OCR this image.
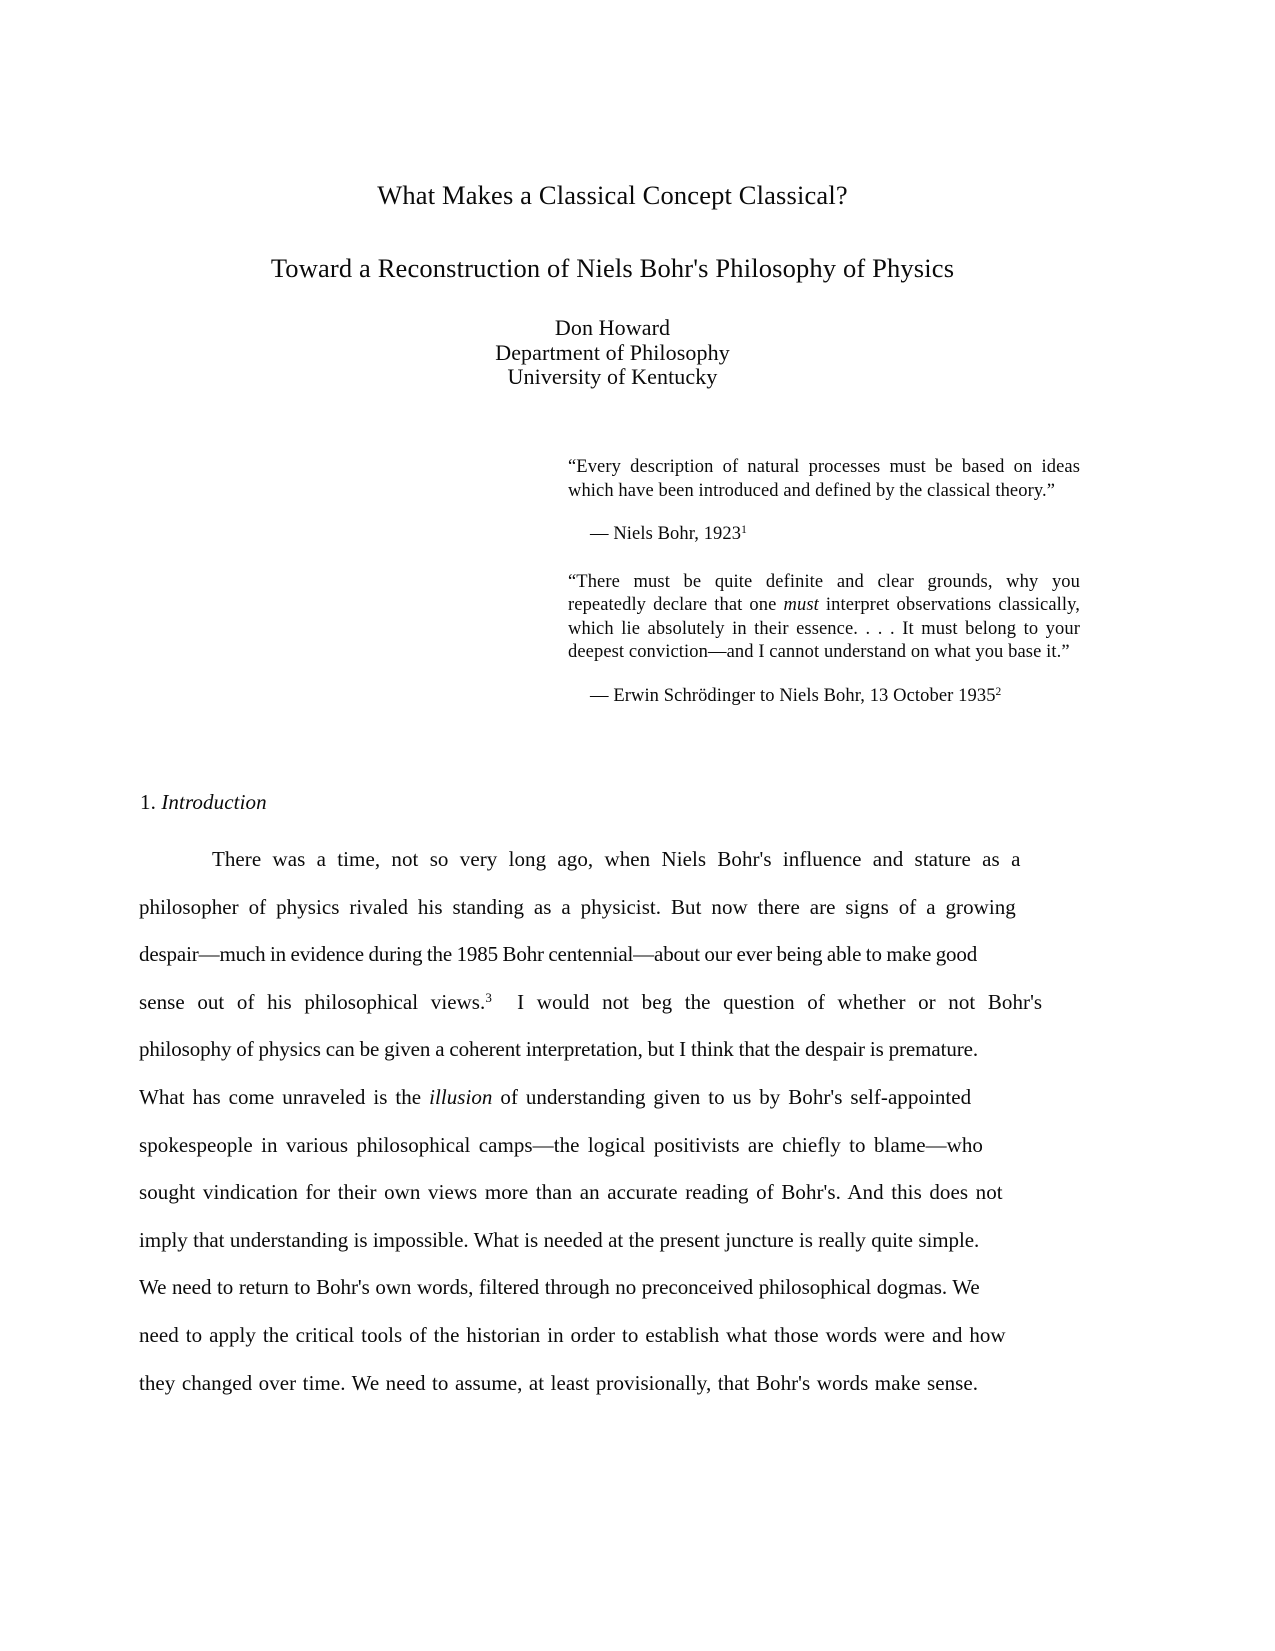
What Makes a Classical Concept Classical?
Toward a Reconstruction of Niels Bohr's Philosophy of Physics
Don Howard
Department of Philosophy
University of Kentucky
“Every description of natural processes must be based on ideas which have been introduced and defined by the classical theory.”
— Niels Bohr, 1923$^1$
“There must be quite definite and clear grounds, why you repeatedly declare that one must interpret observations classically, which lie absolutely in their essence. . . . It must belong to your deepest conviction—and I cannot understand on what you base it.”
— Erwin Schrödinger to Niels Bohr, 13 October 1935$^2$
1. Introduction
There was a time, not so very long ago, when Niels Bohr's influence and stature as a
philosopher of physics rivaled his standing as a physicist. But now there are signs of a growing
despair—much in evidence during the 1985 Bohr centennial—about our ever being able to make good
sense out of his philosophical views.$^3$ I would not beg the question of whether or not Bohr's
philosophy of physics can be given a coherent interpretation, but I think that the despair is premature.
What has come unraveled is the illusion of understanding given to us by Bohr's self-appointed
spokespeople in various philosophical camps—the logical positivists are chiefly to blame—who
sought vindication for their own views more than an accurate reading of Bohr's. And this does not
imply that understanding is impossible. What is needed at the present juncture is really quite simple.
We need to return to Bohr's own words, filtered through no preconceived philosophical dogmas. We
need to apply the critical tools of the historian in order to establish what those words were and how
they changed over time. We need to assume, at least provisionally, that Bohr's words make sense.
